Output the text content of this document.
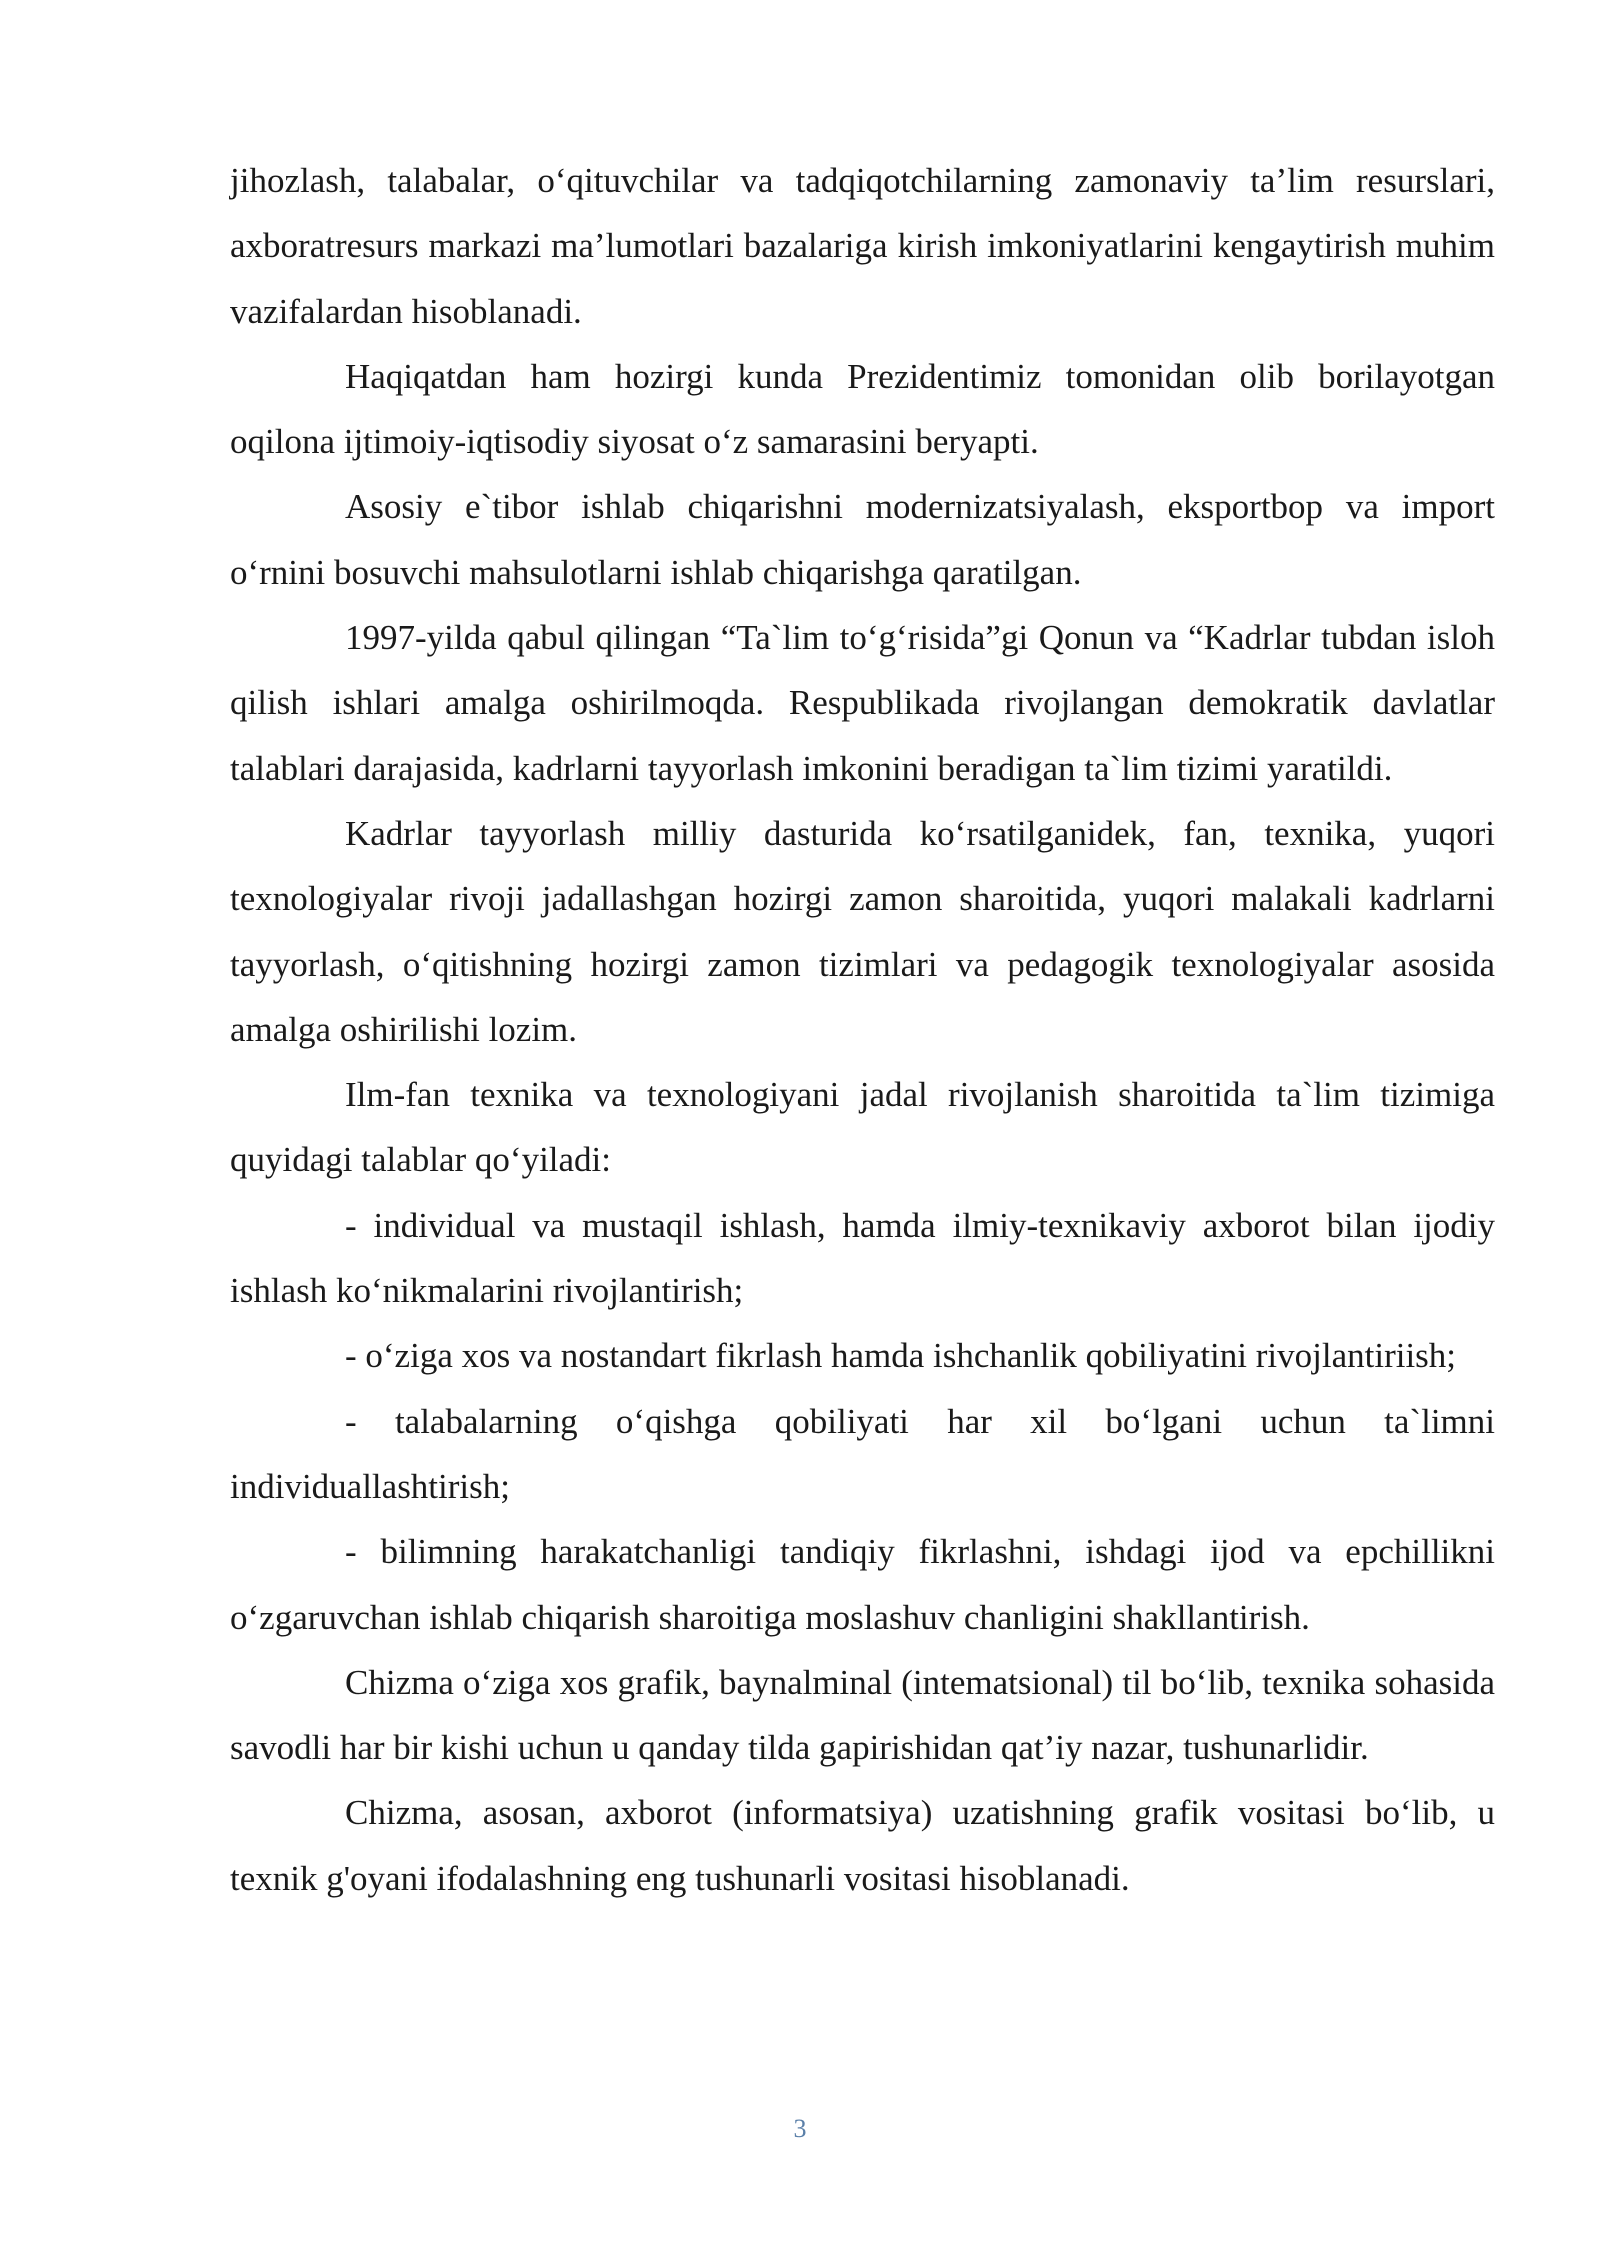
jihozlash, talabalar, o‘qituvchilar va tadqiqotchilarning zamonaviy ta’lim resurslari, axboratresurs markazi ma’lumotlari bazalariga kirish imkoniyatlarini kengaytirish muhim vazifalardan hisoblanadi.

Haqiqatdan ham hozirgi kunda Prezidentimiz tomonidan olib borilayotgan oqilona ijtimoiy-iqtisodiy siyosat o‘z samarasini beryapti.

Asosiy e`tibor ishlab chiqarishni modernizatsiyalash, eksportbop va import o‘rnini bosuvchi mahsulotlarni ishlab chiqarishga qaratilgan.

1997-yilda qabul qilingan “Ta`lim to‘g‘risida”gi Qonun va “Kadrlar tubdan isloh qilish ishlari amalga oshirilmoqda. Respublikada rivojlangan demokratik davlatlar talablari darajasida, kadrlarni tayyorlash imkonini beradigan ta`lim tizimi yaratildi.

Kadrlar tayyorlash milliy dasturida ko‘rsatilganidek, fan, texnika, yuqori texnologiyalar rivoji jadallashgan hozirgi zamon sharoitida, yuqori malakali kadrlarni tayyorlash, o‘qitishning hozirgi zamon tizimlari va pedagogik texnologiyalar asosida amalga oshirilishi lozim.

Ilm-fan texnika va texnologiyani jadal rivojlanish sharoitida ta`lim tizimiga quyidagi talablar qo‘yiladi:

- individual va mustaqil ishlash, hamda ilmiy-texnikaviy axborot bilan ijodiy ishlash ko‘nikmalarini rivojlantirish;

- o‘ziga xos va nostandart fikrlash hamda ishchanlik qobiliyatini rivojlantiriish;

- talabalarning o‘qishga qobiliyati har xil bo‘lgani uchun ta`limni individuallashtirish;

- bilimning harakatchanligi tandiqiy fikrlashni, ishdagi ijod va epchillikni o‘zgaruvchan ishlab chiqarish sharoitiga moslashuv chanligini shakllantirish.

Chizma o‘ziga xos grafik, baynalminal (intematsional) til bo‘lib, texnika sohasida savodli har bir kishi uchun u qanday tilda gapirishidan qat’iy nazar, tushunarlidir.

Chizma, asosan, axborot (informatsiya) uzatishning grafik vositasi bo‘lib, u texnik g'oyani ifodalashning eng tushunarli vositasi hisoblanadi.

3
